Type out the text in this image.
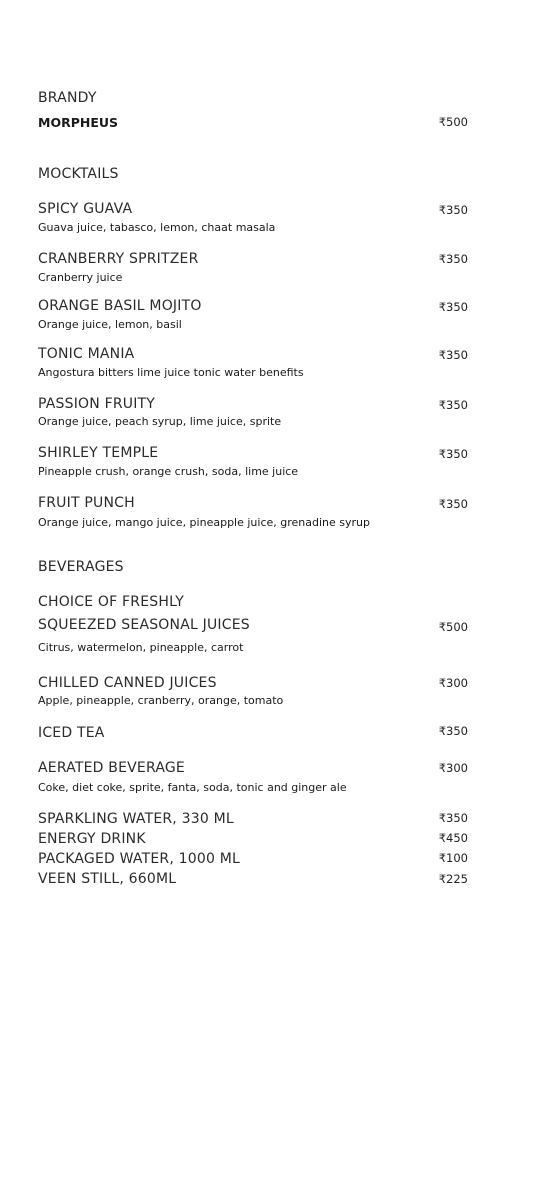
BRANDY
MORPHEUS	₹500
MOCKTAILS
SPICY GUAVA	₹350
Guava juice, tabasco, lemon, chaat masala
CRANBERRY SPRITZER	₹350
Cranberry juice
ORANGE BASIL MOJITO	₹350
Orange juice, lemon, basil
TONIC MANIA	₹350
Angostura bitters lime juice tonic water benefits
PASSION FRUITY	₹350
Orange juice, peach syrup, lime juice, sprite
SHIRLEY TEMPLE	₹350
Pineapple crush, orange crush, soda, lime juice
FRUIT PUNCH	₹350
Orange juice, mango juice, pineapple juice, grenadine syrup
BEVERAGES
CHOICE OF FRESHLY
SQUEEZED SEASONAL JUICES	₹500
Citrus, watermelon, pineapple, carrot
CHILLED CANNED JUICES	₹300
Apple, pineapple, cranberry, orange, tomato
ICED TEA	₹350
AERATED BEVERAGE	₹300
Coke, diet coke, sprite, fanta, soda, tonic and ginger ale
SPARKLING WATER, 330 ML	₹350
ENERGY DRINK	₹450
PACKAGED WATER, 1000 ML	₹100
VEEN STILL, 660ML	₹225
